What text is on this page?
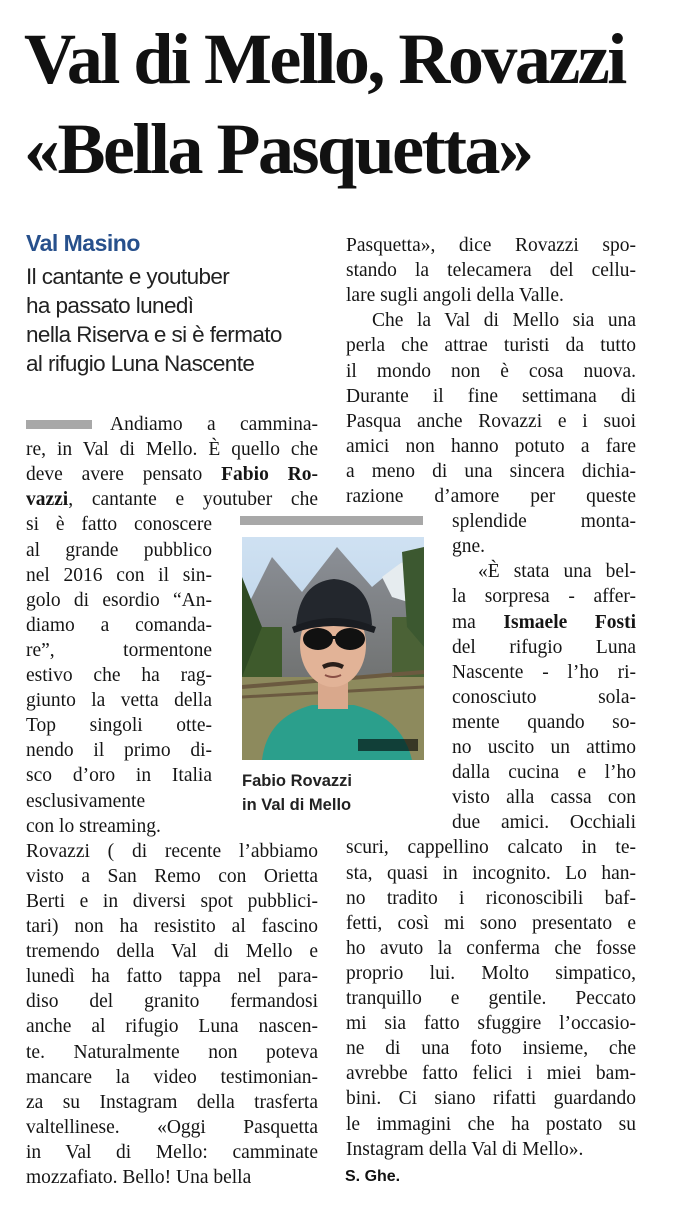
Val di Mello, Rovazzi
«Bella Pasquetta»
Val Masino
Il cantante e youtuber
ha passato lunedì
nella Riserva e si è fermato
al rifugio Luna Nascente
Andiamo a cammina-
re, in Val di Mello. È quello che
deve avere pensato Fabio Ro-
vazzi, cantante e youtuber che
si è fatto conoscere
al grande pubblico
nel 2016 con il sin-
golo di esordio “An-
diamo a comanda-
re”, tormentone
estivo che ha rag-
giunto la vetta della
Top singoli otte-
nendo il primo di-
sco d’oro in Italia
esclusivamente
con lo streaming.
Rovazzi ( di recente l’abbiamo
visto a San Remo con Orietta
Berti e in diversi spot pubblici-
tari) non ha resistito al fascino
tremendo della Val di Mello e
lunedì ha fatto tappa nel para-
diso del granito fermandosi
anche al rifugio Luna nascen-
te. Naturalmente non poteva
mancare la video testimonian-
za su Instagram della trasferta
valtellinese. «Oggi Pasquetta
in Val di Mello: camminate
mozzafiato. Bello! Una bella
Pasquetta», dice Rovazzi spo-
stando la telecamera del cellu-
lare sugli angoli della Valle.
Che la Val di Mello sia una
perla che attrae turisti da tutto
il mondo non è cosa nuova.
Durante il fine settimana di
Pasqua anche Rovazzi e i suoi
amici non hanno potuto a fare
a meno di una sincera dichia-
razione d’amore per queste
splendide monta-
gne.
«È stata una bel-
la sorpresa - affer-
ma Ismaele Fosti
del rifugio Luna
Nascente - l’ho ri-
conosciuto sola-
mente quando so-
no uscito un attimo
dalla cucina e l’ho
visto alla cassa con
due amici. Occhiali
scuri, cappellino calcato in te-
sta, quasi in incognito. Lo han-
no tradito i riconoscibili baf-
fetti, così mi sono presentato e
ho avuto la conferma che fosse
proprio lui. Molto simpatico,
tranquillo e gentile. Peccato
mi sia fatto sfuggire l’occasio-
ne di una foto insieme, che
avrebbe fatto felici i miei bam-
bini. Ci siano rifatti guardando
le immagini che ha postato su
Instagram della Val di Mello».
Fabio Rovazzi
in Val di Mello
S. Ghe.
